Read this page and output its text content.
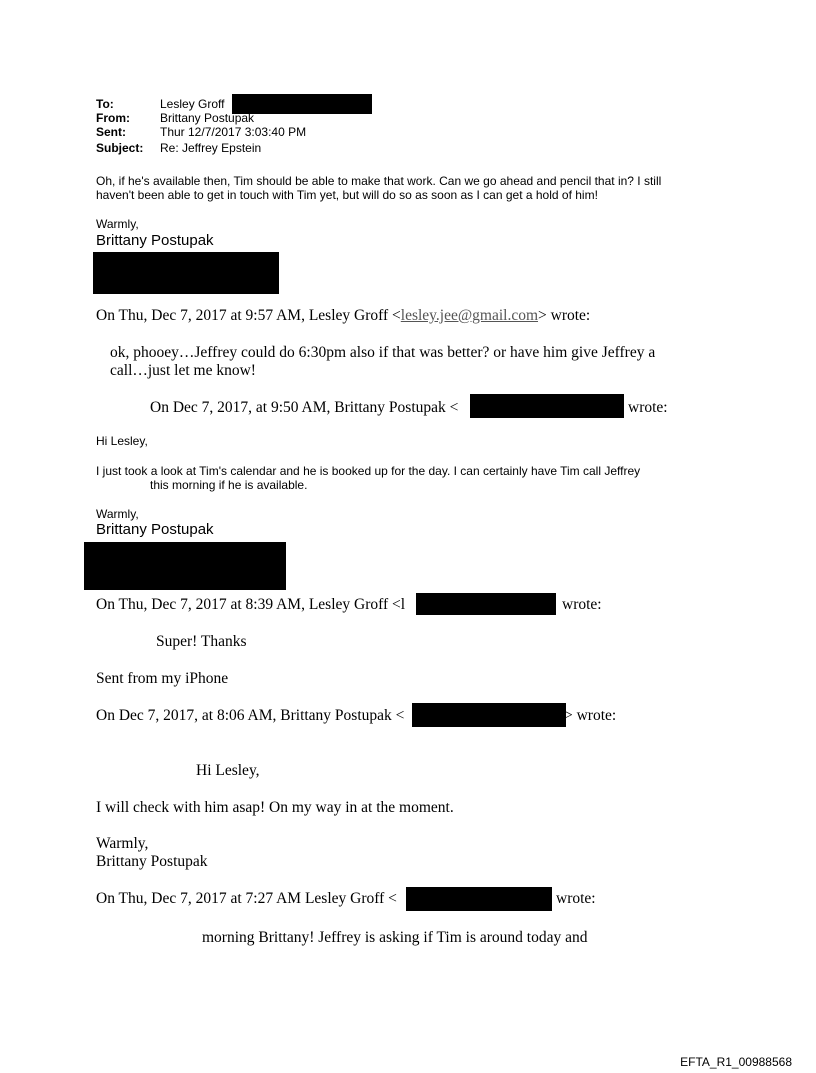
To:	Lesley Groff
From:	Brittany Postupak
Sent:	Thur 12/7/2017 3:03:40 PM
Subject: Re: Jeffrey Epstein
Oh, if he's available then, Tim should be able to make that work. Can we go ahead and pencil that in? I still
haven't been able to get in touch with Tim yet, but will do so as soon as I can get a hold of him!
Warmly,
Brittany Postupak
On Thu, Dec 7, 2017 at 9:57 AM, Lesley Groff <lesley.jee@gmail.com> wrote:
ok, phooey…Jeffrey could do 6:30pm also if that was better? or have him give Jeffrey a
call…just let me know!
On Dec 7, 2017, at 9:50 AM, Brittany Postupak <	wrote:
Hi Lesley,
I just took a look at Tim's calendar and he is booked up for the day. I can certainly have Tim call Jeffrey
this morning if he is available.
Warmly,
Brittany Postupak
On Thu, Dec 7, 2017 at 8:39 AM, Lesley Groff <l	wrote:
Super! Thanks
Sent from my iPhone
On Dec 7, 2017, at 8:06 AM, Brittany Postupak <	> wrote:
Hi Lesley,
I will check with him asap! On my way in at the moment.
Warmly,
Brittany Postupak
On Thu, Dec 7, 2017 at 7:27 AM Lesley Groff <	wrote:
morning Brittany! Jeffrey is asking if Tim is around today and
EFTA_R1_00988568
